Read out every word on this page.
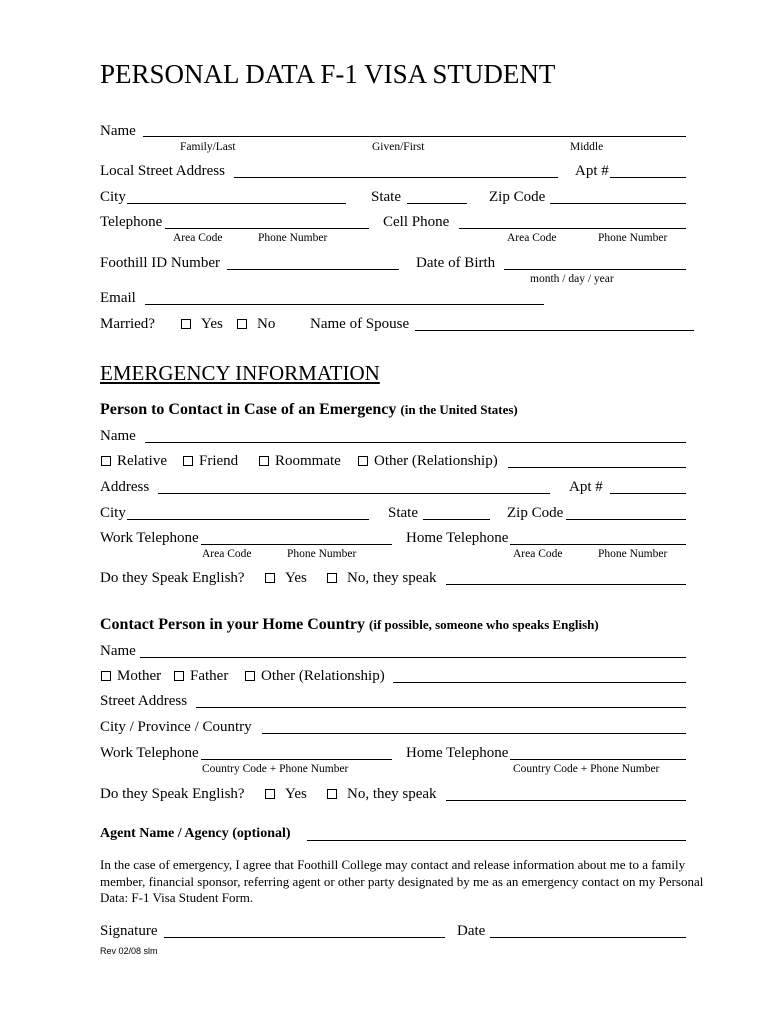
PERSONAL DATA F-1 VISA STUDENT
Name
Family/Last	Given/First	Middle
Local Street Address	Apt #
City	State	Zip Code
Telephone
Area Code	Phone Number
Cell Phone
Area Code	Phone Number
Foothill ID Number	Date of Birth
month / day / year
Email
Married?	Yes No Name of Spouse
EMERGENCY INFORMATION
Person to Contact in Case of an Emergency (in the United States)
Name
Relative Friend Roommate Other (Relationship)
Address	Apt #
City	State	Zip Code
Work Telephone
Area Code	Phone Number
Home Telephone
Area Code	Phone Number
Do they Speak English?	Yes	No, they speak
Contact Person in your Home Country (if possible, someone who speaks English)
Name
Mother Father Other (Relationship)
Street Address
City / Province / Country
Work Telephone
Country Code + Phone Number
Home Telephone
Country Code + Phone Number
Do they Speak English?	Yes	No, they speak
Agent Name / Agency (optional)
In the case of emergency, I agree that Foothill College may contact and release information about me to a family member, financial sponsor, referring agent or other party designated by me as an emergency contact on my Personal Data: F-1 Visa Student Form.
Signature	Date
Rev 02/08 slm
